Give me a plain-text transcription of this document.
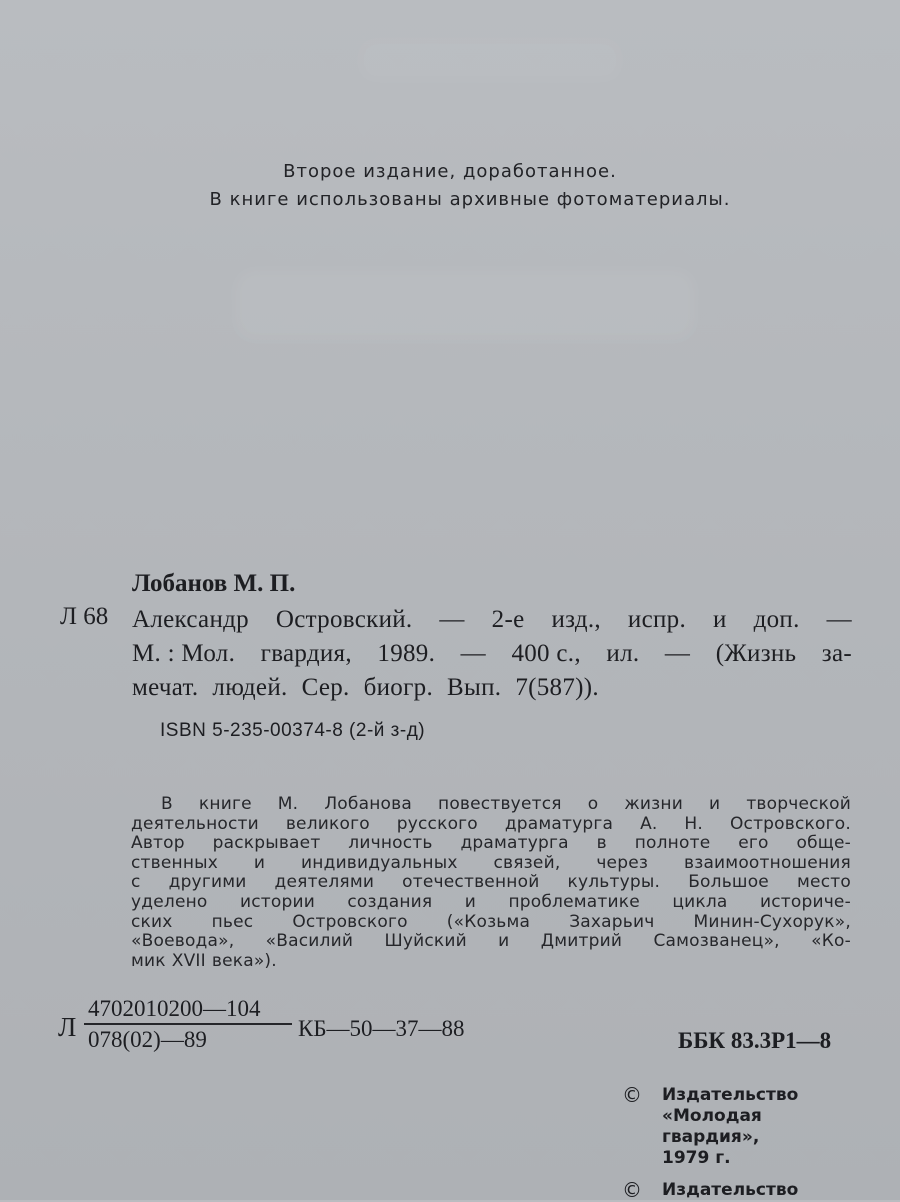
Второе издание, доработанное.
В книге использованы архивные фотоматериалы.
Лобанов М. П.
Л 68 Александр Островский. — 2-е изд., испр. и доп. —
М. : Мол. гвардия, 1989. — 400 с., ил. — (Жизнь за-
мечат. людей. Сер. биогр. Вып. 7(587)).
ISBN 5-235-00374-8 (2-й з-д)
В книге М. Лобанова повествуется о жизни и творческой
деятельности великого русского драматурга А. Н. Островского.
Автор раскрывает личность драматурга в полноте его обще-
ственных и индивидуальных связей, через взаимоотношения
с другими деятелями отечественной культуры. Большое место
уделено истории создания и проблематике цикла историче-
ских пьес Островского («Козьма Захарьич Минин-Сухорук»,
«Воевода», «Василий Шуйский и Дмитрий Самозванец», «Ко-
мик XVII века»).
Л $\frac{4702010200—104}{078(02)—89}$ КБ—50—37—88	ББК 83.3Р1—8
© Издательство
«Молодая
гвардия»,
1979 г.
© Издательство
